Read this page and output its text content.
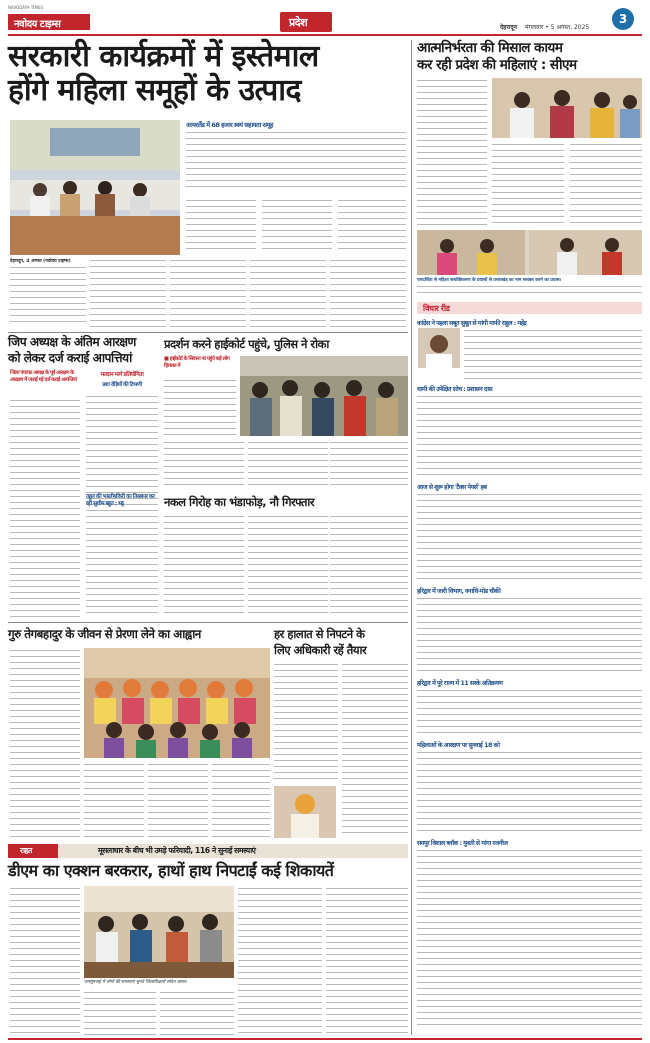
नवोदय टाइम्स
NAVODAYA TIMES
प्रदेश	देहरादून मंगलवार • 5 अगस्त, 2025
3
सरकारी कार्यक्रमों में इस्तेमाल
होंगे महिला समूहों के उत्पाद
आयरलैंड में 68 हजार स्वयं सहायता समूह
देहरादून, 4 अगस्त (नवोदय टाइम्स)
आत्मनिर्भरता की मिसाल कायम
कर रही प्रदेश की महिलाएं : सीएम
पारदर्शिता से महिला सशक्तिकरण के प्रयासों से उत्तराखंड का नाम सशक्त करने का प्रयास।
विचार रीड
कांग्रेस ने पहला सबूत सुबूत से मांगी माफी राहुल : महेंद्र
धामी की उपेक्षित सोच : प्रशासन दास
आज से शुरू होगा 'टैक्स पेयर्स' हब
हरिद्वार में जारी विभाग, वनाधि-मोड चौकी
हरिद्वार में पुरे राज्य में 11 सरके अतिक्रमण
महिलाओं के आरक्षण पर सुनवाई 18 को
समपुर विशाल ब्लॉक : युवती से मांगा रजनीज
जिप अध्यक्ष के अंतिम आरक्षण
को लेकर दर्ज कराई आपत्तियां
जिला पंचायत अध्यक्ष के पूर्व आरक्षण के आरक्षण में जताई गई दर्ज कराई आपत्तियां
मतदान मार्ग प्रतियोगिता
प्रशा रोड़ियों की टिप्पणी
प्रदर्शन करने हाईकोर्ट पहुंचे, पुलिस ने रोका
■ हाईकोर्ट के सिवाना पर पहुंचे कई लोग हिरासत में
तहुल की भारतीयकिरी का तिरस्कार कर रही सुशीम बहुत : भट्ट	नकल गिरोह का भंडाफोड़, नौ गिरफ्तार
गुरु तेगबहादुर के जीवन से प्रेरणा लेने का आह्वान	हर हालात से निपटने के
लिए अधिकारी रहें तैयार
राहत	मूसलाधार के बीच भी उमड़े फरियादी, 116 ने सुनाई समस्याएं
डीएम का एक्शन बरकरार, हाथों हाथ निपटाईं कई शिकायतें
जनसुनवाई में लोगों की समस्याएं सुनते जिलाधिकारी सविन बंसल।
